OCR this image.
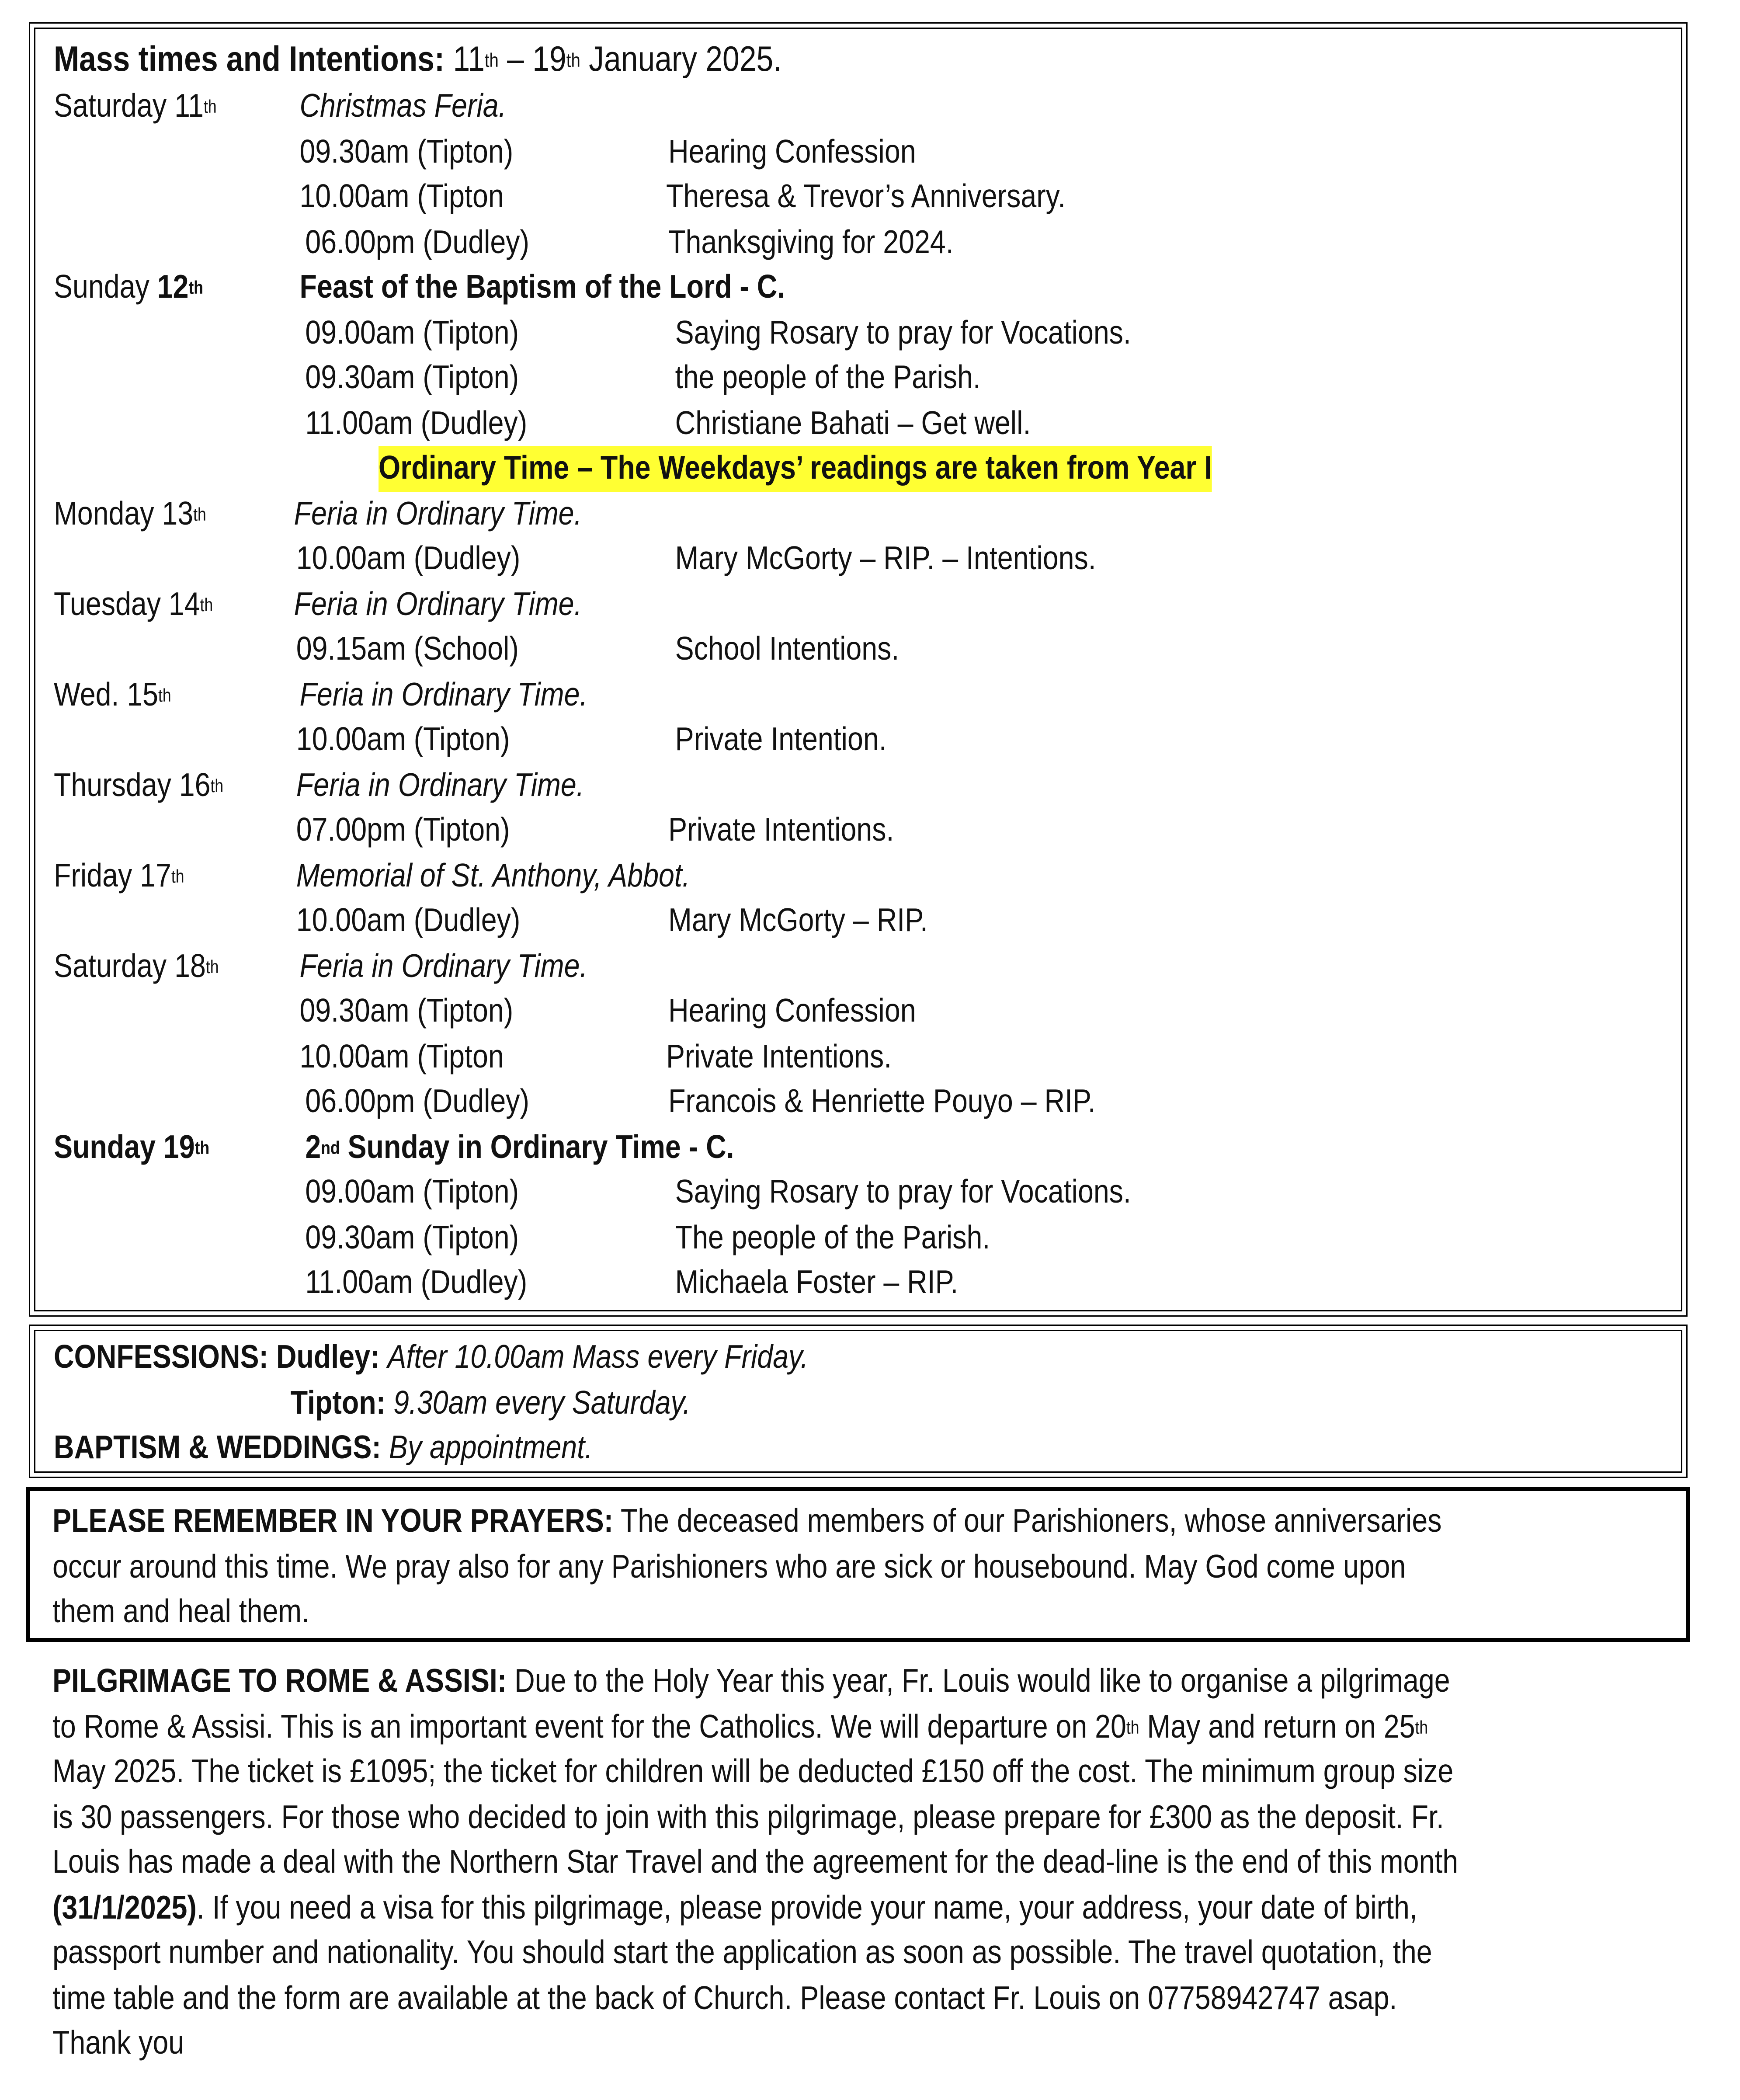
Mass times and Intentions: 11th – 19th January 2025.
Saturday 11th	Christmas Feria.
09.30am (Tipton)	Hearing Confession
10.00am (Tipton	Theresa & Trevor’s Anniversary.
06.00pm (Dudley)	Thanksgiving for 2024.
Sunday 12th	Feast of the Baptism of the Lord - C.
09.00am (Tipton)	Saying Rosary to pray for Vocations.
09.30am (Tipton)	the people of the Parish.
11.00am (Dudley)	Christiane Bahati – Get well.
Ordinary Time – The Weekdays’ readings are taken from Year I
Monday 13th	Feria in Ordinary Time.
10.00am (Dudley)	Mary McGorty – RIP. – Intentions.
Tuesday 14th	Feria in Ordinary Time.
09.15am (School)	School Intentions.
Wed. 15th	Feria in Ordinary Time.
10.00am (Tipton)	Private Intention.
Thursday 16th	Feria in Ordinary Time.
07.00pm (Tipton)	Private Intentions.
Friday 17th	Memorial of St. Anthony, Abbot.
10.00am (Dudley)	Mary McGorty – RIP.
Saturday 18th	Feria in Ordinary Time.
09.30am (Tipton)	Hearing Confession
10.00am (Tipton	Private Intentions.
06.00pm (Dudley)	Francois & Henriette Pouyo – RIP.
Sunday 19th	2nd Sunday in Ordinary Time - C.
09.00am (Tipton)	Saying Rosary to pray for Vocations.
09.30am (Tipton)	The people of the Parish.
11.00am (Dudley)	Michaela Foster – RIP.
CONFESSIONS: Dudley: After 10.00am Mass every Friday.
Tipton: 9.30am every Saturday.
BAPTISM & WEDDINGS: By appointment.
PLEASE REMEMBER IN YOUR PRAYERS: The deceased members of our Parishioners, whose anniversaries
occur around this time. We pray also for any Parishioners who are sick or housebound. May God come upon
them and heal them.
PILGRIMAGE TO ROME & ASSISI: Due to the Holy Year this year, Fr. Louis would like to organise a pilgrimage
to Rome & Assisi. This is an important event for the Catholics. We will departure on 20th May and return on 25th
May 2025. The ticket is £1095; the ticket for children will be deducted £150 off the cost. The minimum group size
is 30 passengers. For those who decided to join with this pilgrimage, please prepare for £300 as the deposit. Fr.
Louis has made a deal with the Northern Star Travel and the agreement for the dead-line is the end of this month
(31/1/2025). If you need a visa for this pilgrimage, please provide your name, your address, your date of birth,
passport number and nationality. You should start the application as soon as possible. The travel quotation, the
time table and the form are available at the back of Church. Please contact Fr. Louis on 07758942747 asap.
Thank you
